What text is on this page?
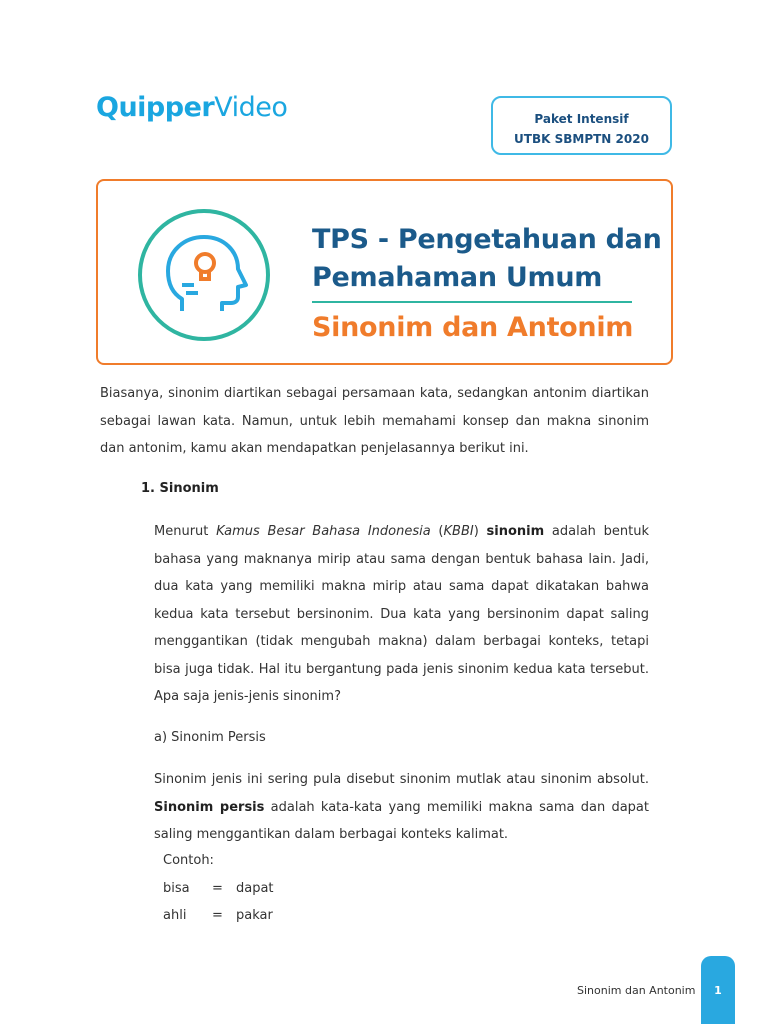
QuipperVideo	Paket Intensif
UTBK SBMPTN 2020
TPS - Pengetahuan dan
Pemahaman Umum
Sinonim dan Antonim

Biasanya, sinonim diartikan sebagai persamaan kata, sedangkan antonim diartikan sebagai lawan kata. Namun, untuk lebih memahami konsep dan makna sinonim dan antonim, kamu akan mendapatkan penjelasannya berikut ini.

1. Sinonim

Menurut Kamus Besar Bahasa Indonesia (KBBI) sinonim adalah bentuk bahasa yang maknanya mirip atau sama dengan bentuk bahasa lain. Jadi, dua kata yang memiliki makna mirip atau sama dapat dikatakan bahwa kedua kata tersebut bersinonim. Dua kata yang bersinonim dapat saling menggantikan (tidak mengubah makna) dalam berbagai konteks, tetapi bisa juga tidak. Hal itu bergantung pada jenis sinonim kedua kata tersebut. Apa saja jenis-jenis sinonim?

a) Sinonim Persis

Sinonim jenis ini sering pula disebut sinonim mutlak atau sinonim absolut. Sinonim persis adalah kata-kata yang memiliki makna sama dan dapat saling menggantikan dalam berbagai konteks kalimat.

Contoh:
bisa = dapat
ahli = pakar
Sinonim dan Antonim	1
